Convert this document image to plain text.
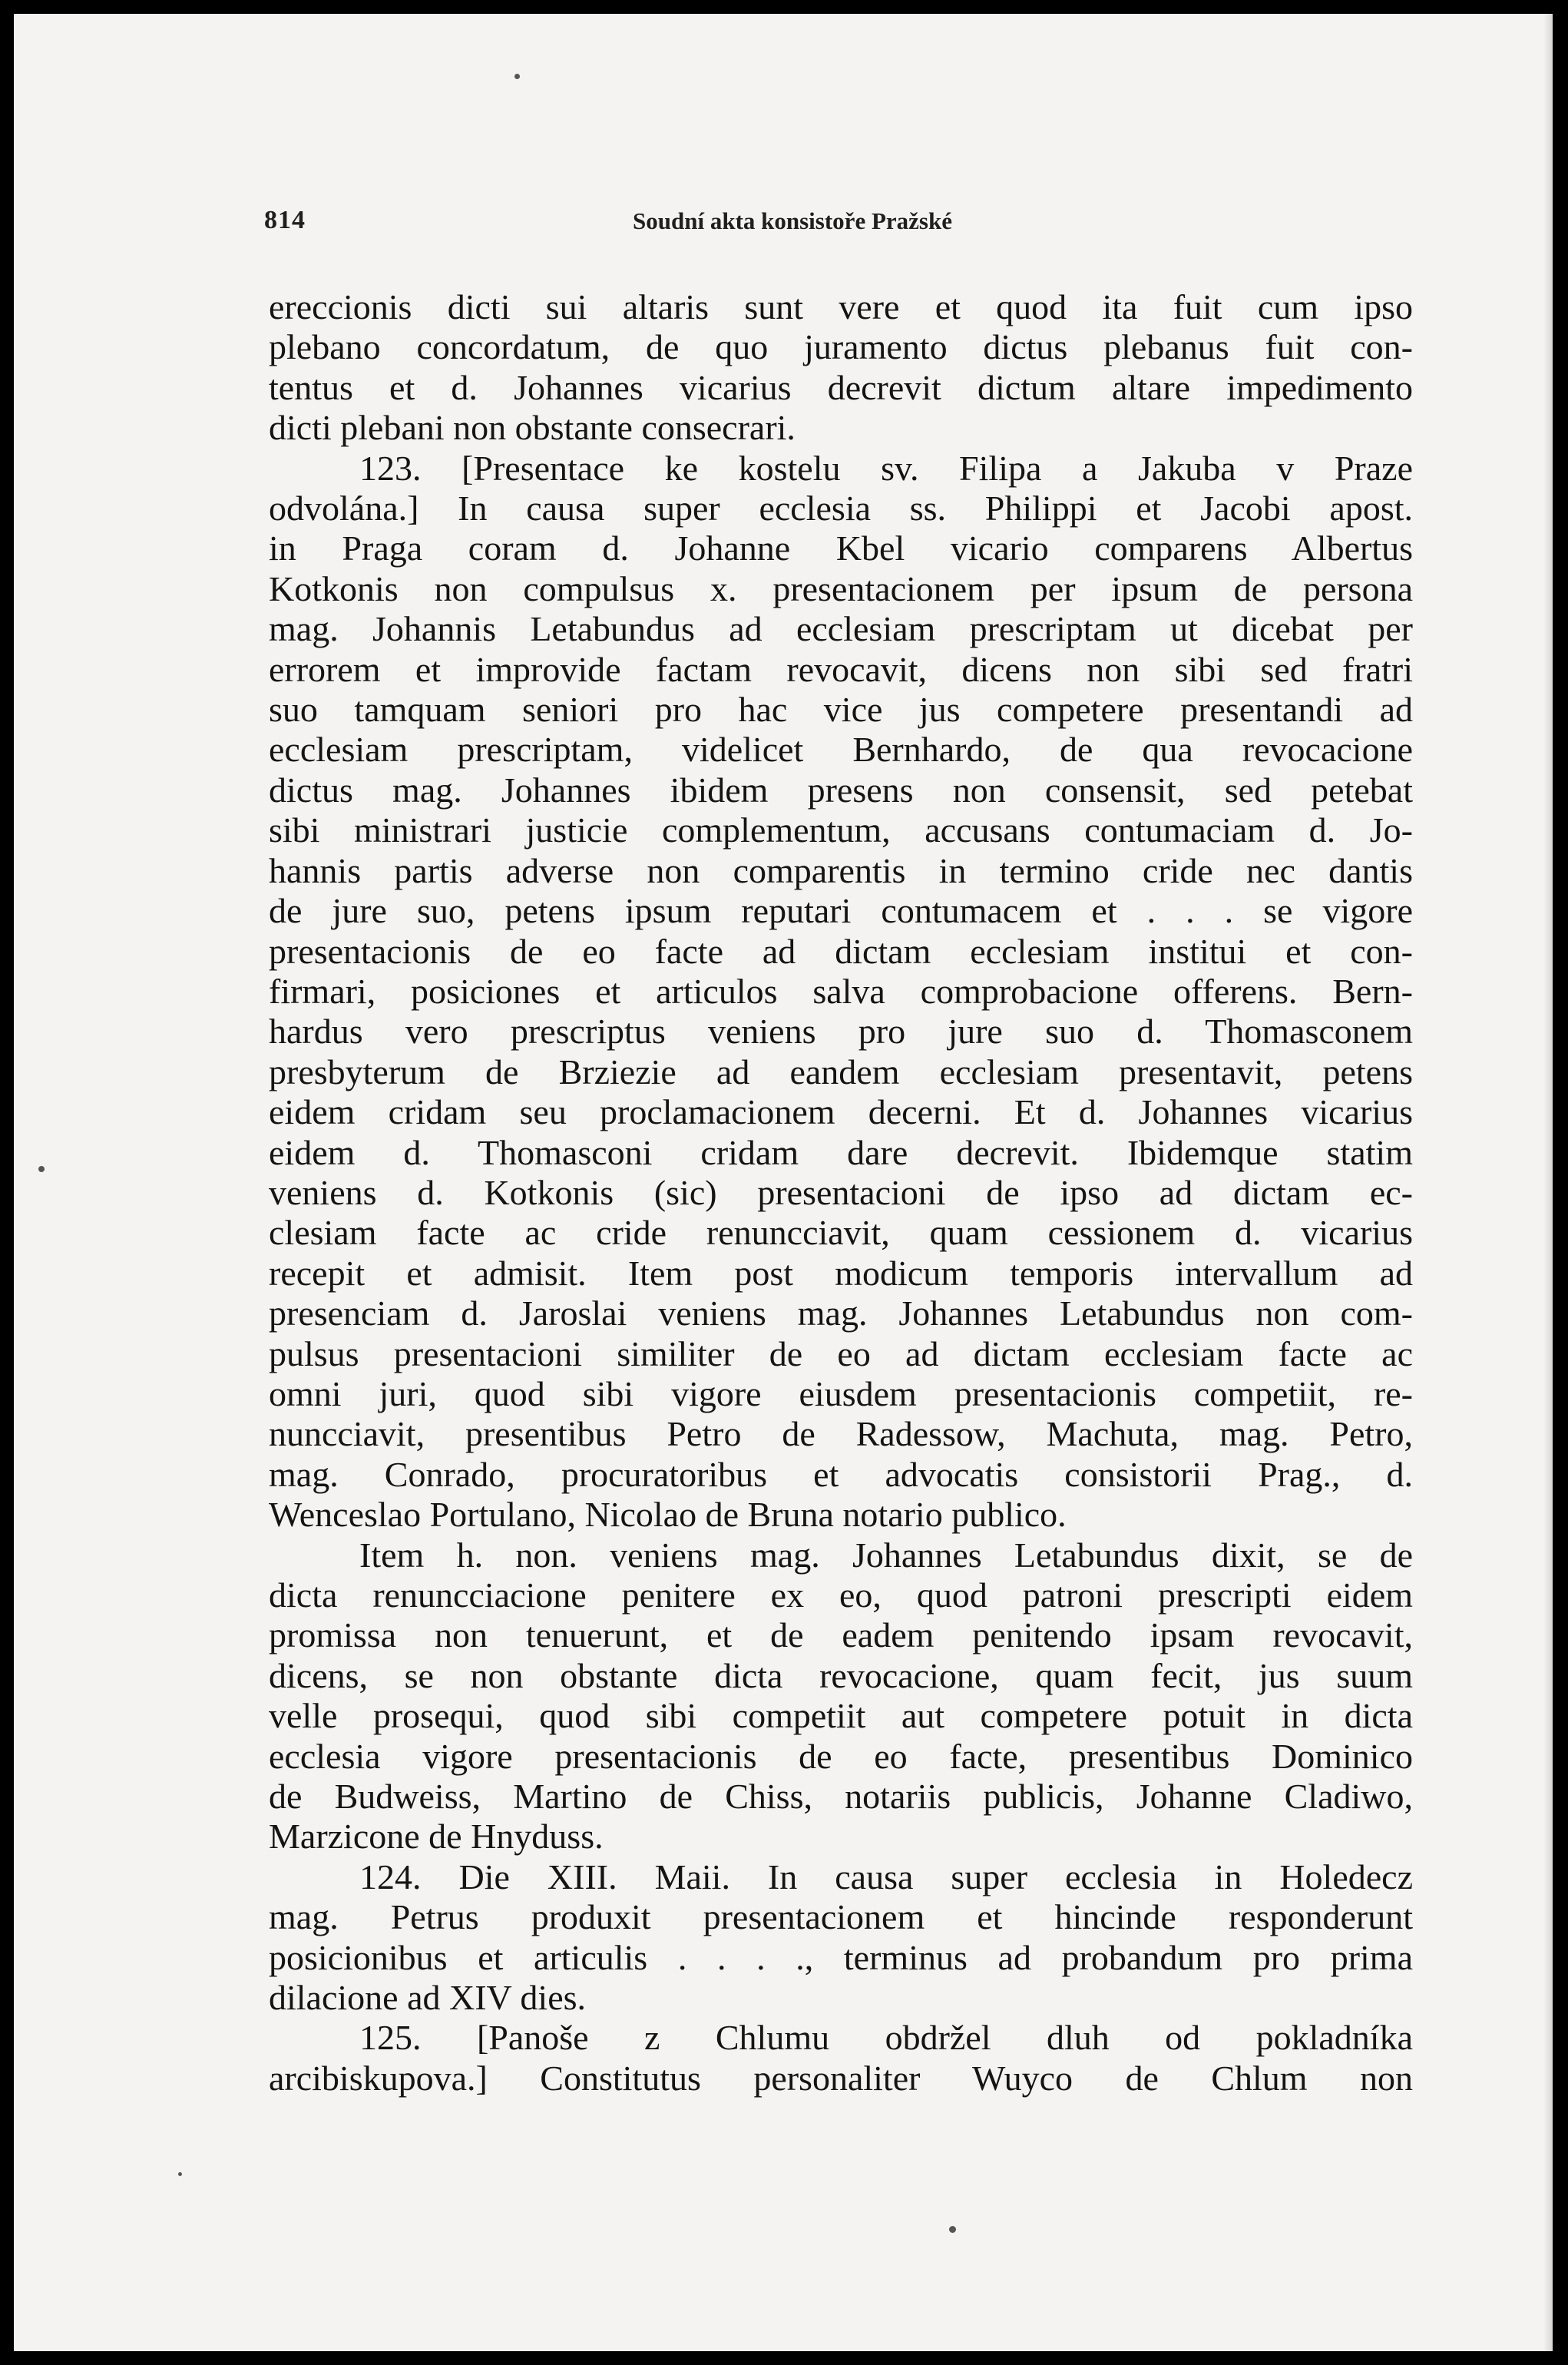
814	Soudní akta konsistoře Pražské
ereccionis dicti sui altaris sunt vere et quod ita fuit cum ipso
plebano concordatum, de quo juramento dictus plebanus fuit con-
tentus et d. Johannes vicarius decrevit dictum altare impedimento
dicti plebani non obstante consecrari.
123. [Presentace ke kostelu sv. Filipa a Jakuba v Praze
odvolána.] In causa super ecclesia ss. Philippi et Jacobi apost.
in Praga coram d. Johanne Kbel vicario comparens Albertus
Kotkonis non compulsus x. presentacionem per ipsum de persona
mag. Johannis Letabundus ad ecclesiam prescriptam ut dicebat per
errorem et improvide factam revocavit, dicens non sibi sed fratri
suo tamquam seniori pro hac vice jus competere presentandi ad
ecclesiam prescriptam, videlicet Bernhardo, de qua revocacione
dictus mag. Johannes ibidem presens non consensit, sed petebat
sibi ministrari justicie complementum, accusans contumaciam d. Jo-
hannis partis adverse non comparentis in termino cride nec dantis
de jure suo, petens ipsum reputari contumacem et . . . se vigore
presentacionis de eo facte ad dictam ecclesiam institui et con-
firmari, posiciones et articulos salva comprobacione offerens. Bern-
hardus vero prescriptus veniens pro jure suo d. Thomasconem
presbyterum de Brziezie ad eandem ecclesiam presentavit, petens
eidem cridam seu proclamacionem decerni. Et d. Johannes vicarius
eidem d. Thomasconi cridam dare decrevit. Ibidemque statim
veniens d. Kotkonis (sic) presentacioni de ipso ad dictam ec-
clesiam facte ac cride renuncciavit, quam cessionem d. vicarius
recepit et admisit. Item post modicum temporis intervallum ad
presenciam d. Jaroslai veniens mag. Johannes Letabundus non com-
pulsus presentacioni similiter de eo ad dictam ecclesiam facte ac
omni juri, quod sibi vigore eiusdem presentacionis competiit, re-
nuncciavit, presentibus Petro de Radessow, Machuta, mag. Petro,
mag. Conrado, procuratoribus et advocatis consistorii Prag., d.
Wenceslao Portulano, Nicolao de Bruna notario publico.
Item h. non. veniens mag. Johannes Letabundus dixit, se de
dicta renuncciacione penitere ex eo, quod patroni prescripti eidem
promissa non tenuerunt, et de eadem penitendo ipsam revocavit,
dicens, se non obstante dicta revocacione, quam fecit, jus suum
velle prosequi, quod sibi competiit aut competere potuit in dicta
ecclesia vigore presentacionis de eo facte, presentibus Dominico
de Budweiss, Martino de Chiss, notariis publicis, Johanne Cladiwo,
Marzicone de Hnyduss.
124. Die XIII. Maii. In causa super ecclesia in Holedecz
mag. Petrus produxit presentacionem et hincinde responderunt
posicionibus et articulis . . . ., terminus ad probandum pro prima
dilacione ad XIV dies.
125. [Panoše z Chlumu obdržel dluh od pokladníka
arcibiskupova.] Constitutus personaliter Wuyco de Chlum non
